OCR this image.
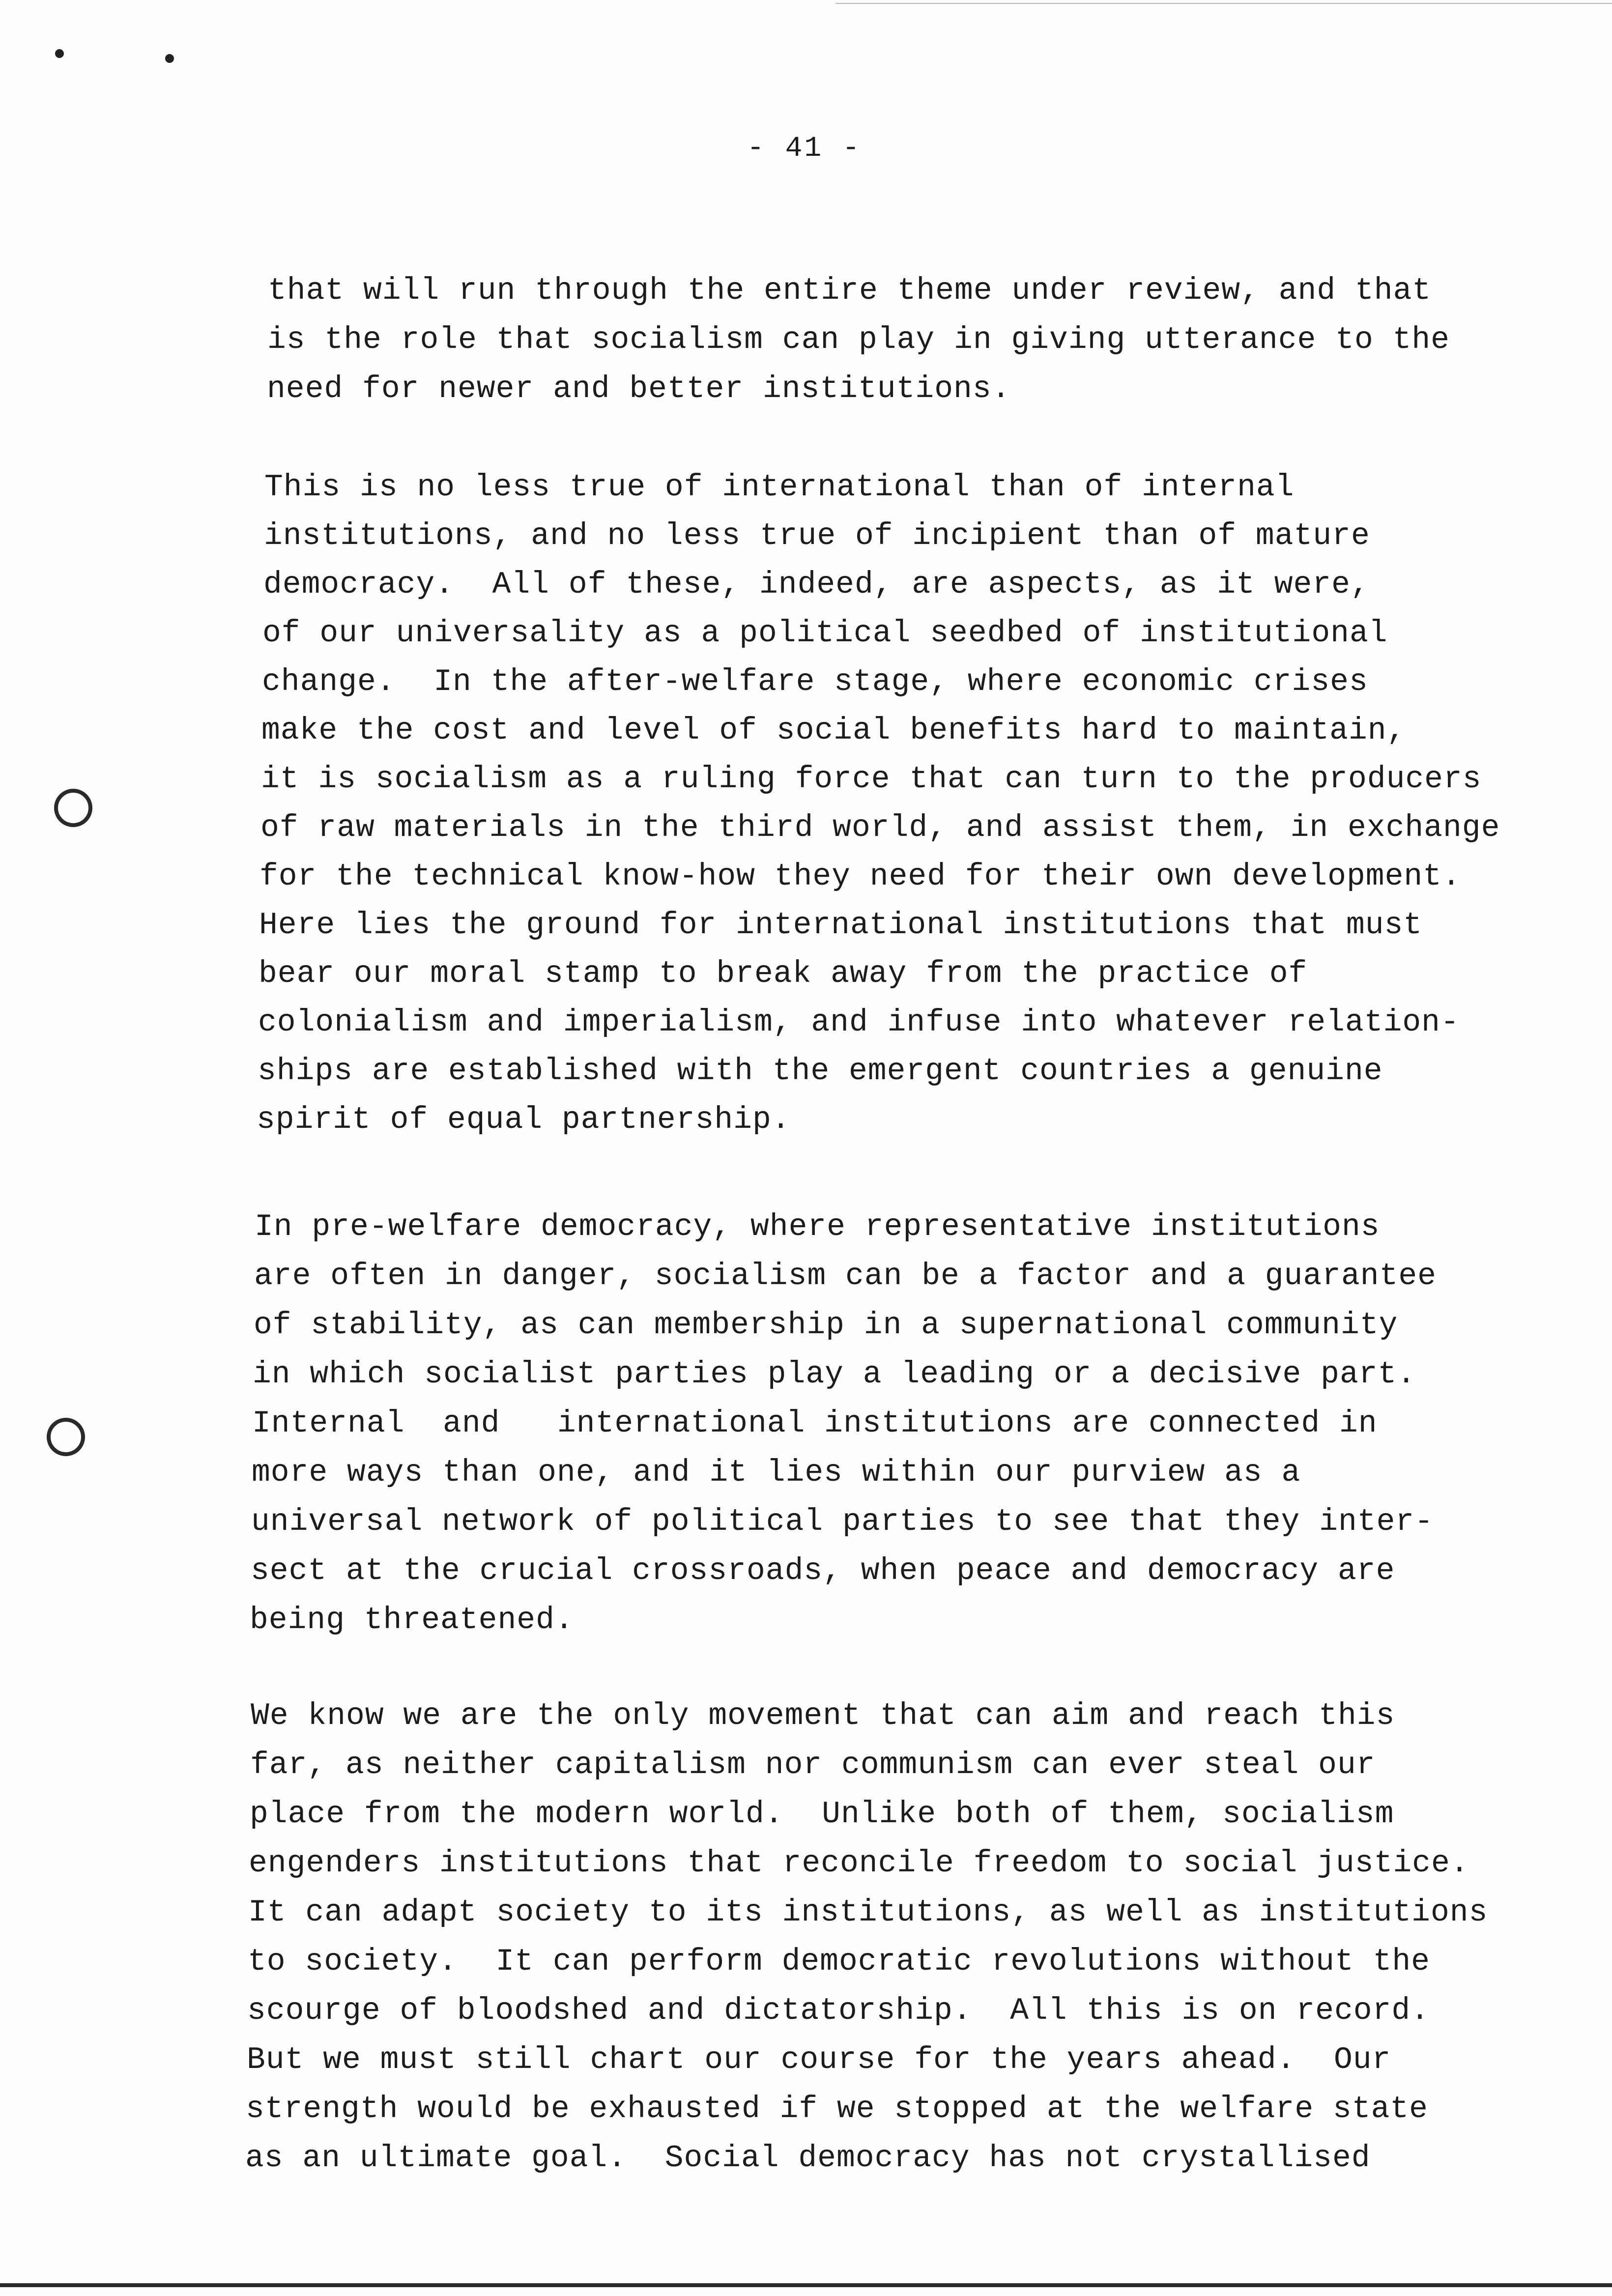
- 41 -
that will run through the entire theme under review, and that
is the role that socialism can play in giving utterance to the
need for newer and better institutions.
This is no less true of international than of internal
institutions, and no less true of incipient than of mature
democracy.  All of these, indeed, are aspects, as it were,
of our universality as a political seedbed of institutional
change.  In the after-welfare stage, where economic crises
make the cost and level of social benefits hard to maintain,
it is socialism as a ruling force that can turn to the producers
of raw materials in the third world, and assist them, in exchange
for the technical know-how they need for their own development.
Here lies the ground for international institutions that must
bear our moral stamp to break away from the practice of
colonialism and imperialism, and infuse into whatever relation-
ships are established with the emergent countries a genuine
spirit of equal partnership.
In pre-welfare democracy, where representative institutions
are often in danger, socialism can be a factor and a guarantee
of stability, as can membership in a supernational community
in which socialist parties play a leading or a decisive part.
Internal  and   international institutions are connected in
more ways than one, and it lies within our purview as a
universal network of political parties to see that they inter-
sect at the crucial crossroads, when peace and democracy are
being threatened.
We know we are the only movement that can aim and reach this
far, as neither capitalism nor communism can ever steal our
place from the modern world.  Unlike both of them, socialism
engenders institutions that reconcile freedom to social justice.
It can adapt society to its institutions, as well as institutions
to society.  It can perform democratic revolutions without the
scourge of bloodshed and dictatorship.  All this is on record.
But we must still chart our course for the years ahead.  Our
strength would be exhausted if we stopped at the welfare state
as an ultimate goal.  Social democracy has not crystallised
